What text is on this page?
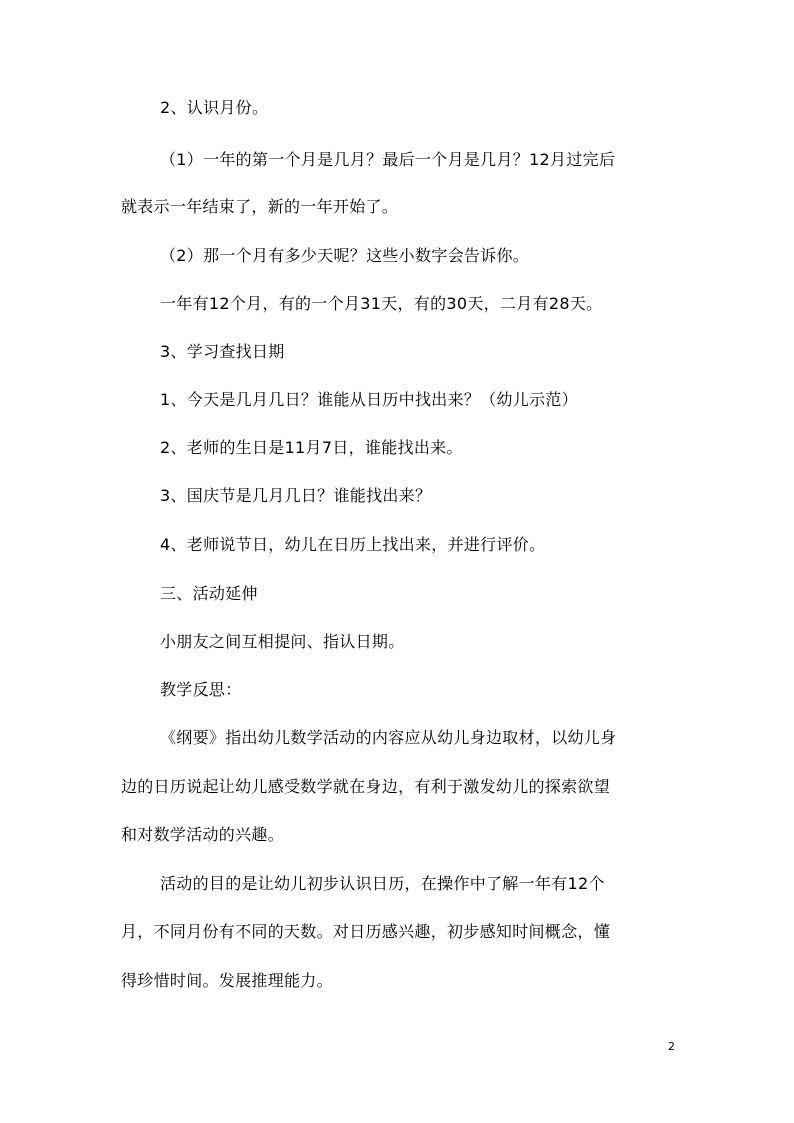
2、认识月份。
（1）一年的第一个月是几月？最后一个月是几月？12月过完后
就表示一年结束了，新的一年开始了。
（2）那一个月有多少天呢？这些小数字会告诉你。
一年有12个月，有的一个月31天，有的30天，二月有28天。
3、学习查找日期
1、今天是几月几日？谁能从日历中找出来？（幼儿示范）
2、老师的生日是11月7日，谁能找出来。
3、国庆节是几月几日？谁能找出来？
4、老师说节日，幼儿在日历上找出来，并进行评价。
三、活动延伸
小朋友之间互相提问、指认日期。
教学反思：
《纲要》指出幼儿数学活动的内容应从幼儿身边取材，以幼儿身
边的日历说起让幼儿感受数学就在身边，有利于激发幼儿的探索欲望
和对数学活动的兴趣。
活动的目的是让幼儿初步认识日历，在操作中了解一年有12个
月，不同月份有不同的天数。对日历感兴趣，初步感知时间概念，懂
得珍惜时间。发展推理能力。
2
